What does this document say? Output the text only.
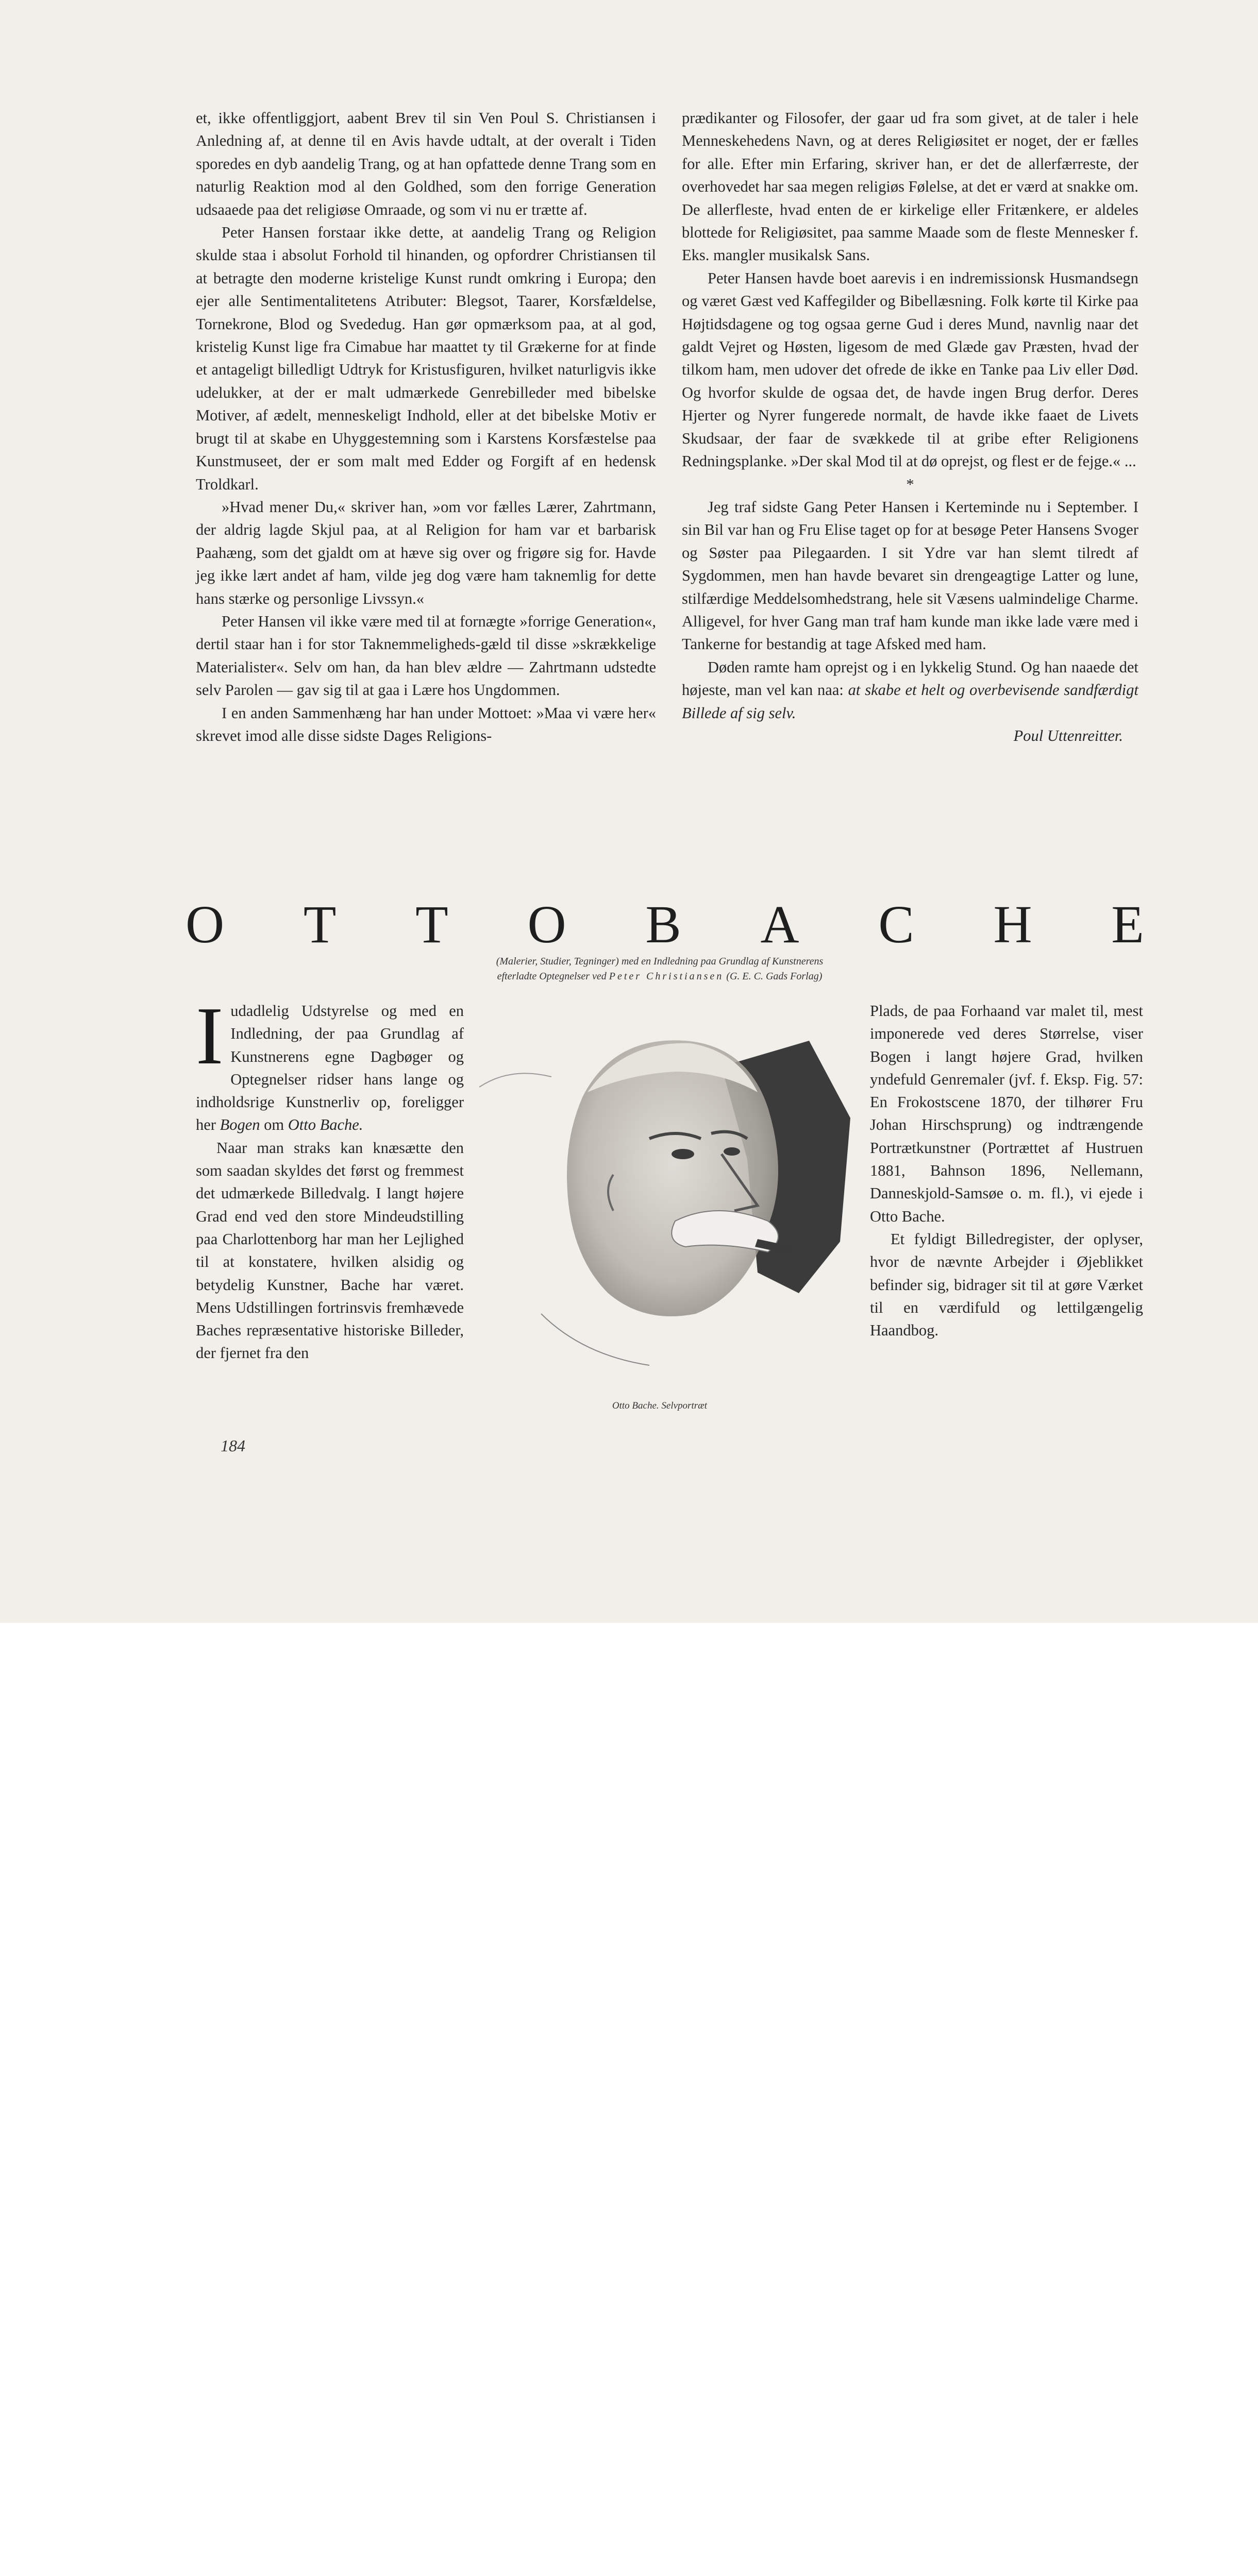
et, ikke offentliggjort, aabent Brev til sin Ven Poul S. Christiansen i Anledning af, at denne til en Avis havde udtalt, at der overalt i Tiden sporedes en dyb aandelig Trang, og at han opfattede denne Trang som en naturlig Reaktion mod al den Goldhed, som den forrige Generation udsaaede paa det religiøse Omraade, og som vi nu er trætte af.

Peter Hansen forstaar ikke dette, at aandelig Trang og Religion skulde staa i absolut Forhold til hinanden, og opfordrer Christiansen til at betragte den moderne kristelige Kunst rundt omkring i Europa; den ejer alle Sentimentalitetens Atributer: Blegsot, Taarer, Korsfældelse, Tornekrone, Blod og Svededug. Han gør opmærksom paa, at al god, kristelig Kunst lige fra Cimabue har maattet ty til Grækerne for at finde et antageligt billedligt Udtryk for Kristusfiguren, hvilket naturligvis ikke udelukker, at der er malt udmærkede Genrebilleder med bibelske Motiver, af ædelt, menneskeligt Indhold, eller at det bibelske Motiv er brugt til at skabe en Uhyggestemning som i Karstens Korsfæstelse paa Kunstmuseet, der er som malt med Edder og Forgift af en hedensk Troldkarl.

»Hvad mener Du,« skriver han, »om vor fælles Lærer, Zahrtmann, der aldrig lagde Skjul paa, at al Religion for ham var et barbarisk Paahæng, som det gjaldt om at hæve sig over og frigøre sig for. Havde jeg ikke lært andet af ham, vilde jeg dog være ham taknemlig for dette hans stærke og personlige Livssyn.«

Peter Hansen vil ikke være med til at fornægte »forrige Generation«, dertil staar han i for stor Taknemmeligheds-gæld til disse »skrækkelige Materialister«. Selv om han, da han blev ældre — Zahrtmann udstedte selv Parolen — gav sig til at gaa i Lære hos Ungdommen.

I en anden Sammenhæng har han under Mottoet: »Maa vi være her« skrevet imod alle disse sidste Dages Religions-

prædikanter og Filosofer, der gaar ud fra som givet, at de taler i hele Menneskehedens Navn, og at deres Religiøsitet er noget, der er fælles for alle. Efter min Erfaring, skriver han, er det de allerfærreste, der overhovedet har saa megen religiøs Følelse, at det er værd at snakke om. De allerfleste, hvad enten de er kirkelige eller Fritænkere, er aldeles blottede for Religiøsitet, paa samme Maade som de fleste Mennesker f. Eks. mangler musikalsk Sans.

Peter Hansen havde boet aarevis i en indremissionsk Husmandsegn og været Gæst ved Kaffegilder og Bibellæsning. Folk kørte til Kirke paa Højtidsdagene og tog ogsaa gerne Gud i deres Mund, navnlig naar det galdt Vejret og Høsten, ligesom de med Glæde gav Præsten, hvad der tilkom ham, men udover det ofrede de ikke en Tanke paa Liv eller Død. Og hvorfor skulde de ogsaa det, de havde ingen Brug derfor. Deres Hjerter og Nyrer fungerede normalt, de havde ikke faaet de Livets Skudsaar, der faar de svækkede til at gribe efter Religionens Redningsplanke. »Der skal Mod til at dø oprejst, og flest er de fejge.« ...

*

Jeg traf sidste Gang Peter Hansen i Kerteminde nu i September. I sin Bil var han og Fru Elise taget op for at besøge Peter Hansens Svoger og Søster paa Pilegaarden. I sit Ydre var han slemt tilredt af Sygdommen, men han havde bevaret sin drengeagtige Latter og lune, stilfærdige Meddelsomhedstrang, hele sit Væsens ualmindelige Charme. Alligevel, for hver Gang man traf ham kunde man ikke lade være med i Tankerne for bestandig at tage Afsked med ham.

Døden ramte ham oprejst og i en lykkelig Stund. Og han naaede det højeste, man vel kan naa: at skabe et helt og overbevisende sandfærdigt Billede af sig selv.

Poul Uttenreitter.

O T T O B A C H E

(Malerier, Studier, Tegninger) med en Indledning paa Grundlag af Kunstnerens

efterladte Optegnelser ved Peter Christiansen (G. E. C. Gads Forlag)

Iudadlelig Udstyrelse og med en Indledning, der paa Grundlag af Kunstnerens egne Dagbøger og Optegnelser ridser hans lange og indholdsrige Kunstnerliv op, foreligger her Bogen om Otto Bache.

Naar man straks kan knæsætte den som saadan skyldes det først og fremmest det udmærkede Billedvalg. I langt højere Grad end ved den store Mindeudstilling paa Charlottenborg har man her Lejlighed til at konstatere, hvilken alsidig og betydelig Kunstner, Bache har været. Mens Udstillingen fortrinsvis fremhævede Baches repræsentative historiske Billeder, der fjernet fra den

Plads, de paa Forhaand var malet til, mest imponerede ved deres Størrelse, viser Bogen i langt højere Grad, hvilken yndefuld Genremaler (jvf. f. Eksp. Fig. 57: En Frokostscene 1870, der tilhører Fru Johan Hirschsprung) og indtrængende Portrætkunstner (Portrættet af Hustruen 1881, Bahnson 1896, Nellemann, Danneskjold-Samsøe o. m. fl.), vi ejede i Otto Bache.

Et fyldigt Billedregister, der oplyser, hvor de nævnte Arbejder i Øjeblikket befinder sig, bidrager sit til at gøre Værket til en værdifuld og lettilgængelig Haandbog.

Otto Bache. Selvportræt
184
